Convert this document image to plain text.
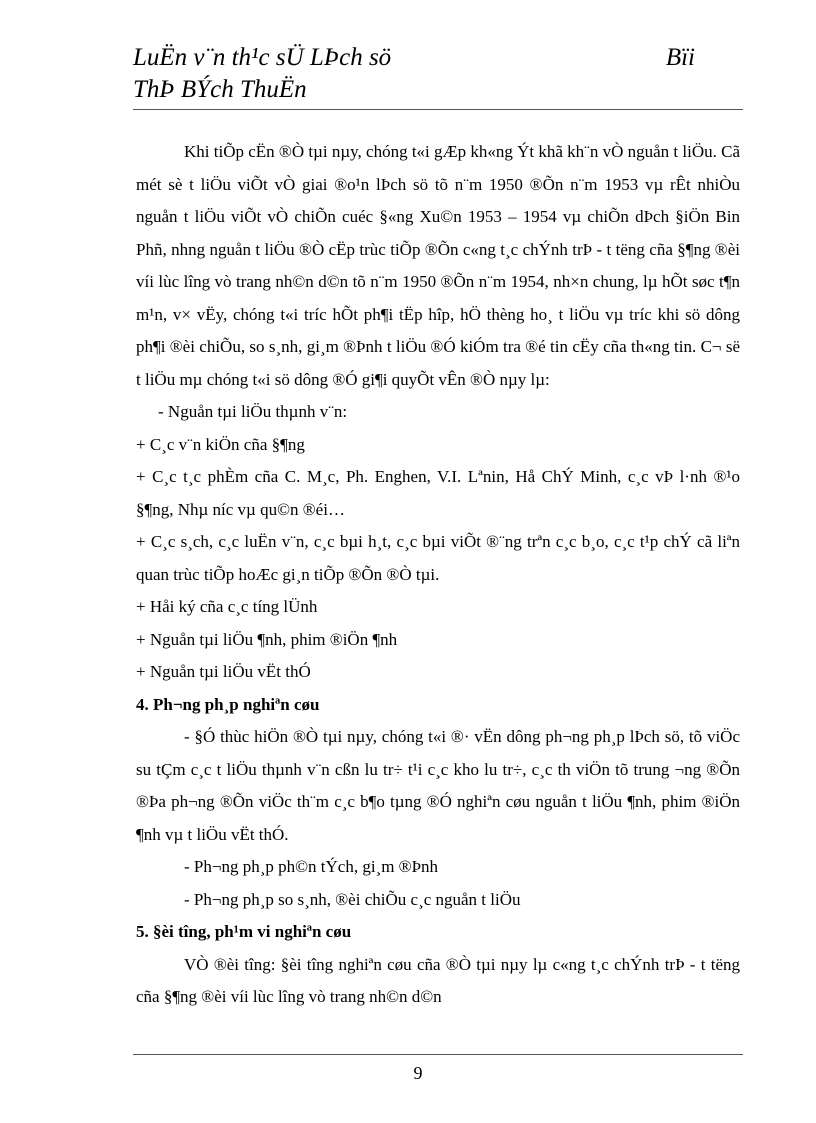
LuËn v¨n th¹c sÜ LÞch sö	Bïi
ThÞ BÝch ThuËn

Khi tiÕp cËn ®Ò tµi nµy, chóng t«i gÆp kh«ng Ýt khã kh¨n vÒ nguån t liÖu. Cã mét sè t liÖu viÕt vÒ giai ®o¹n lÞch sö tõ n¨m 1950 ®Õn n¨m 1953 vµ rÊt nhiÒu nguån t liÖu viÕt vÒ chiÕn cuéc §«ng Xu©n 1953 – 1954 vµ chiÕn dÞch §iÖn Bin Phñ, nhng nguån t liÖu ®Ò cËp trùc tiÕp ®Õn c«ng t¸c chÝnh trÞ - t tëng cña §¶ng ®èi víi lùc lîng vò trang nh©n d©n tõ n¨m 1950 ®Õn n¨m 1954, nh×n chung, lµ hÕt søc t¶n m¹n, v× vËy, chóng t«i tríc hÕt ph¶i tËp hîp, hÖ thèng ho¸ t liÖu vµ tríc khi sö dông ph¶i ®èi chiÕu, so s¸nh, gi¸m ®Þnh t liÖu ®Ó kiÓm tra ®é tin cËy cña th«ng tin. C¬ së t liÖu mµ chóng t«i sö dông ®Ó gi¶i quyÕt vÊn ®Ò nµy lµ:

- Nguån tµi liÖu thµnh v¨n:

+ C¸c v¨n kiÖn cña §¶ng

+ C¸c t¸c phÈm cña C. M¸c, Ph. Enghen, V.I. Lªnin, Hå ChÝ Minh, c¸c vÞ l·nh ®¹o §¶ng, Nhµ níc vµ qu©n ®éi…

+ C¸c s¸ch, c¸c luËn v¨n, c¸c bµi h¸t, c¸c bµi viÕt ®¨ng trªn c¸c b¸o, c¸c t¹p chÝ cã liªn quan trùc tiÕp hoÆc gi¸n tiÕp ®Õn ®Ò tµi.

+ Håi ký cña c¸c tíng lÜnh

+ Nguån tµi liÖu ¶nh, phim ®iÖn ¶nh

+ Nguån tµi liÖu vËt thÓ

4. Ph¬ng ph¸p nghiªn cøu

- §Ó thùc hiÖn ®Ò tµi nµy, chóng t«i ®· vËn dông ph¬ng ph¸p lÞch sö, tõ viÖc su tÇm c¸c t liÖu thµnh v¨n cßn lu tr÷ t¹i c¸c kho lu tr÷, c¸c th viÖn tõ trung ¬ng ®Õn ®Þa ph¬ng ®Õn viÖc th¨m c¸c b¶o tµng ®Ó nghiªn cøu nguån t liÖu ¶nh, phim ®iÖn ¶nh vµ t liÖu vËt thÓ.

- Ph¬ng ph¸p ph©n tÝch, gi¸m ®Þnh

- Ph¬ng ph¸p so s¸nh, ®èi chiÕu c¸c nguån t liÖu

5. §èi tîng, ph¹m vi nghiªn cøu

VÒ ®èi tîng: §èi tîng nghiªn cøu cña ®Ò tµi nµy lµ c«ng t¸c chÝnh trÞ - t tëng cña §¶ng ®èi víi lùc lîng vò trang nh©n d©n

9
